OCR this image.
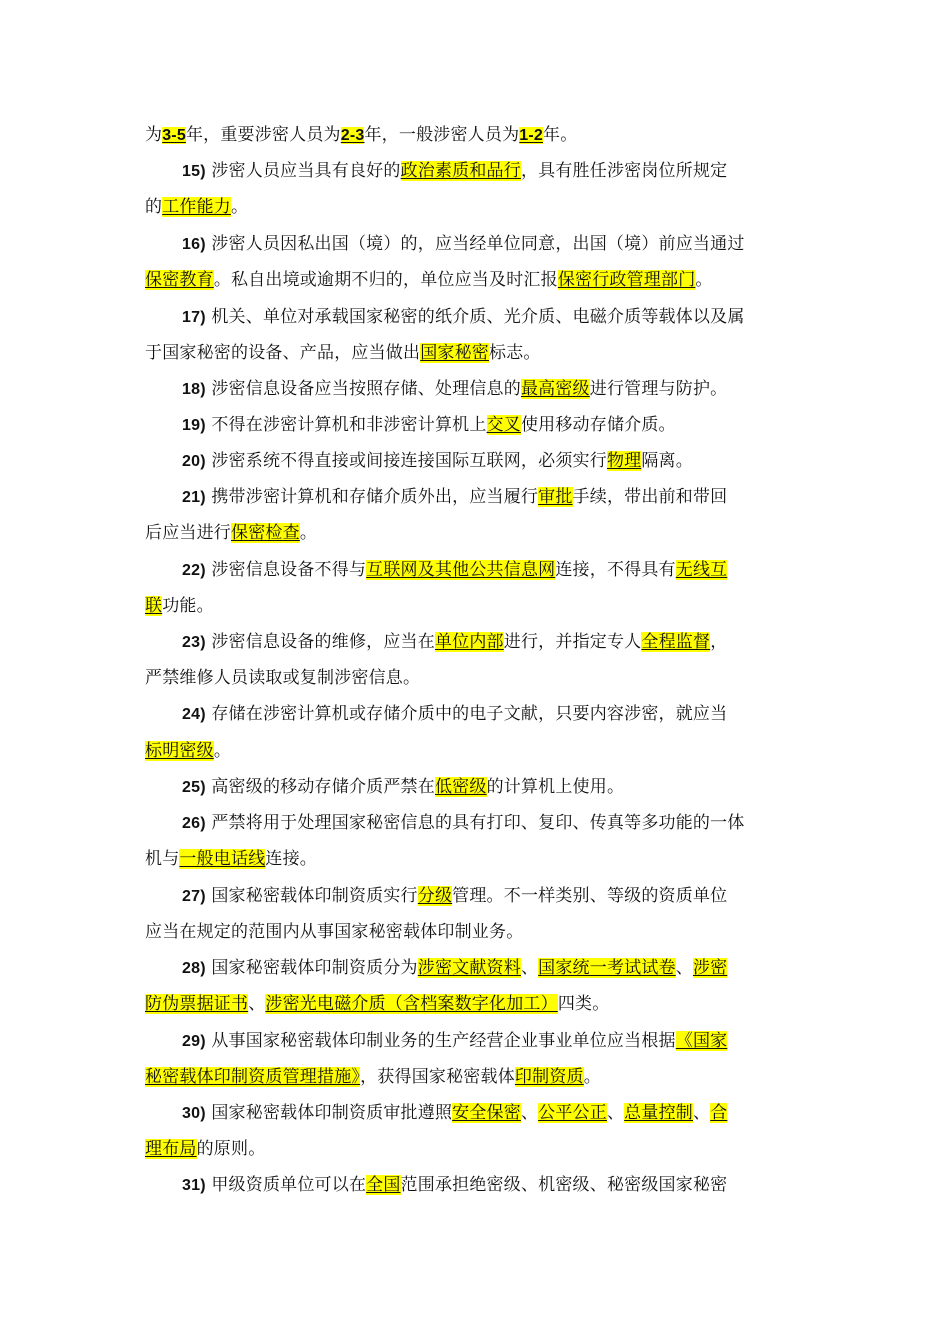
为3-5年，重要涉密人员为2-3年，一般涉密人员为1-2年。
15) 涉密人员应当具有良好的政治素质和品行，具有胜任涉密岗位所规定
的工作能力。
16) 涉密人员因私出国（境）的，应当经单位同意，出国（境）前应当通过
保密教育。私自出境或逾期不归的，单位应当及时汇报保密行政管理部门。
17) 机关、单位对承载国家秘密的纸介质、光介质、电磁介质等载体以及属
于国家秘密的设备、产品，应当做出国家秘密标志。
18) 涉密信息设备应当按照存储、处理信息的最高密级进行管理与防护。
19) 不得在涉密计算机和非涉密计算机上交叉使用移动存储介质。
20) 涉密系统不得直接或间接连接国际互联网，必须实行物理隔离。
21) 携带涉密计算机和存储介质外出，应当履行审批手续，带出前和带回
后应当进行保密检查。
22) 涉密信息设备不得与互联网及其他公共信息网连接，不得具有无线互
联功能。
23) 涉密信息设备的维修，应当在单位内部进行，并指定专人全程监督，
严禁维修人员读取或复制涉密信息。
24) 存储在涉密计算机或存储介质中的电子文献，只要内容涉密，就应当
标明密级。
25) 高密级的移动存储介质严禁在低密级的计算机上使用。
26) 严禁将用于处理国家秘密信息的具有打印、复印、传真等多功能的一体
机与一般电话线连接。
27) 国家秘密载体印制资质实行分级管理。不一样类别、等级的资质单位
应当在规定的范围内从事国家秘密载体印制业务。
28) 国家秘密载体印制资质分为涉密文献资料、国家统一考试试卷、涉密
防伪票据证书、涉密光电磁介质（含档案数字化加工）四类。
29) 从事国家秘密载体印制业务的生产经营企业事业单位应当根据《国家
秘密载体印制资质管理措施》，获得国家秘密载体印制资质。
30) 国家秘密载体印制资质审批遵照安全保密、公平公正、总量控制、合
理布局的原则。
31) 甲级资质单位可以在全国范围承担绝密级、机密级、秘密级国家秘密
